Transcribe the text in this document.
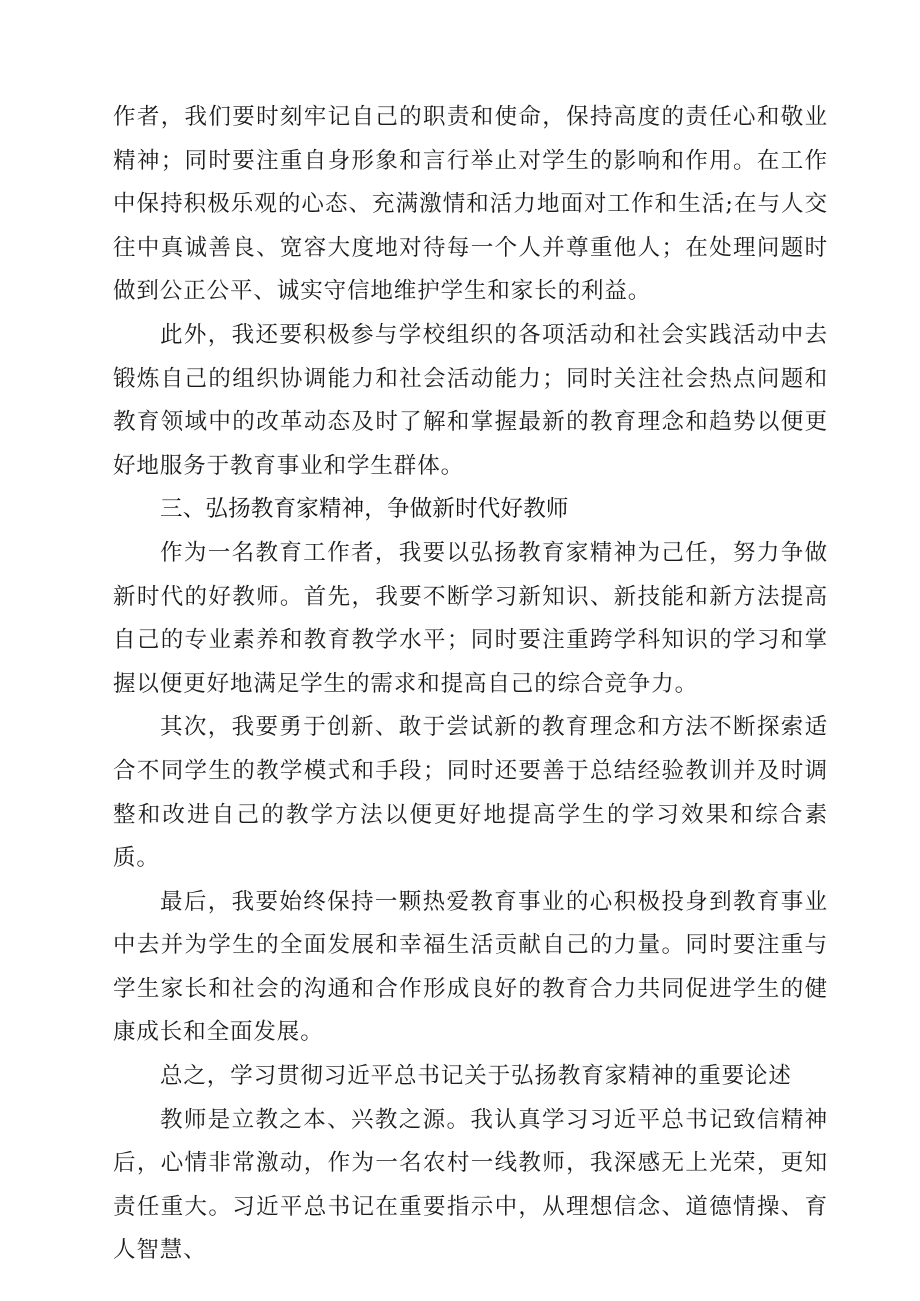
作者，我们要时刻牢记自己的职责和使命，保持高度的责任心和敬业精神；同时要注重自身形象和言行举止对学生的影响和作用。在工作中保持积极乐观的心态、充满激情和活力地面对工作和生活;在与人交往中真诚善良、宽容大度地对待每一个人并尊重他人；在处理问题时做到公正公平、诚实守信地维护学生和家长的利益。

此外，我还要积极参与学校组织的各项活动和社会实践活动中去锻炼自己的组织协调能力和社会活动能力；同时关注社会热点问题和教育领域中的改革动态及时了解和掌握最新的教育理念和趋势以便更好地服务于教育事业和学生群体。

三、弘扬教育家精神，争做新时代好教师

作为一名教育工作者，我要以弘扬教育家精神为己任，努力争做新时代的好教师。首先，我要不断学习新知识、新技能和新方法提高自己的专业素养和教育教学水平；同时要注重跨学科知识的学习和掌握以便更好地满足学生的需求和提高自己的综合竞争力。

其次，我要勇于创新、敢于尝试新的教育理念和方法不断探索适合不同学生的教学模式和手段；同时还要善于总结经验教训并及时调整和改进自己的教学方法以便更好地提高学生的学习效果和综合素质。

最后，我要始终保持一颗热爱教育事业的心积极投身到教育事业中去并为学生的全面发展和幸福生活贡献自己的力量。同时要注重与学生家长和社会的沟通和合作形成良好的教育合力共同促进学生的健康成长和全面发展。

总之，学习贯彻习近平总书记关于弘扬教育家精神的重要论述

教师是立教之本、兴教之源。我认真学习习近平总书记致信精神后，心情非常激动，作为一名农村一线教师，我深感无上光荣，更知责任重大。习近平总书记在重要指示中，从理想信念、道德情操、育人智慧、
